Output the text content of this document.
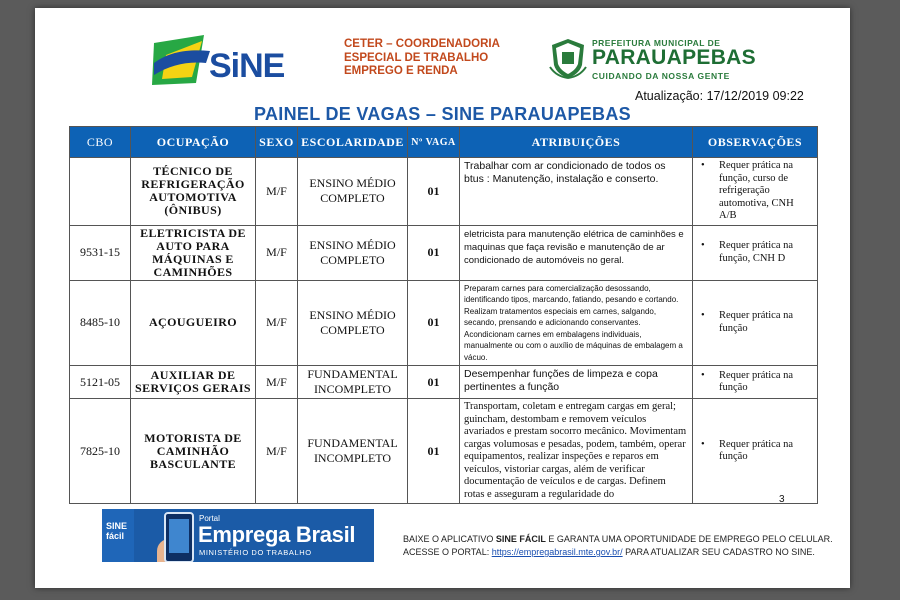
SiNE
CETER – COORDENADORIA
ESPECIAL DE TRABALHO
EMPREGO E RENDA
PREFEITURA MUNICIPAL DE
PARAUAPEBAS
CUIDANDO DA NOSSA GENTE
Atualização: 17/12/2019 09:22
PAINEL DE VAGAS – SINE PARAUAPEBAS
CBO	OCUPAÇÃO	SEXO	ESCOLARIDADE	Nº VAGA	ATRIBUIÇÕES	OBSERVAÇÕES
	TÉCNICO DE REFRIGERAÇÃO AUTOMOTIVA (ÔNIBUS)	M/F	ENSINO MÉDIO COMPLETO	01	Trabalhar com ar condicionado de todos os btus : Manutenção, instalação e conserto.	• Requer prática na função, curso de refrigeração automotiva, CNH A/B

9531-15	ELETRICISTA DE AUTO PARA MÁQUINAS E CAMINHÕES	M/F	ENSINO MÉDIO COMPLETO	01	eletricista para manutenção elétrica de caminhões e maquinas que faça revisão e manutenção de ar condicionado de automóveis no geral.	• Requer prática na função, CNH D

8485-10	AÇOUGUEIRO	M/F	ENSINO MÉDIO COMPLETO	01	Preparam carnes para comercialização desossando, identificando tipos, marcando, fatiando, pesando e cortando. Realizam tratamentos especiais em carnes, salgando, secando, prensando e adicionando conservantes. Acondicionam carnes em embalagens individuais, manualmente ou com o auxílio de máquinas de embalagem a vácuo.	• Requer prática na função

5121-05	AUXILIAR DE SERVIÇOS GERAIS	M/F	FUNDAMENTAL INCOMPLETO	01	Desempenhar funções de limpeza e copa pertinentes a função	• Requer prática na função

7825-10	MOTORISTA DE CAMINHÃO BASCULANTE	M/F	FUNDAMENTAL INCOMPLETO	01	Transportam, coletam e entregam cargas em geral; guincham, destombam e removem veículos avariados e prestam socorro mecânico. Movimentam cargas volumosas e pesadas, podem, também, operar equipamentos, realizar inspeções e reparos em veículos, vistoriar cargas, além de verificar documentação de veículos e de cargas. Definem rotas e asseguram a regularidade do	• Requer prática na função
3
SINE fácil
Portal
Emprega Brasil
MINISTÉRIO DO TRABALHO
BAIXE O APLICATIVO SINE FÁCIL E GARANTA UMA OPORTUNIDADE DE EMPREGO PELO CELULAR.
ACESSE O PORTAL: https://empregabrasil.mte.gov.br/ PARA ATUALIZAR SEU CADASTRO NO SINE.
